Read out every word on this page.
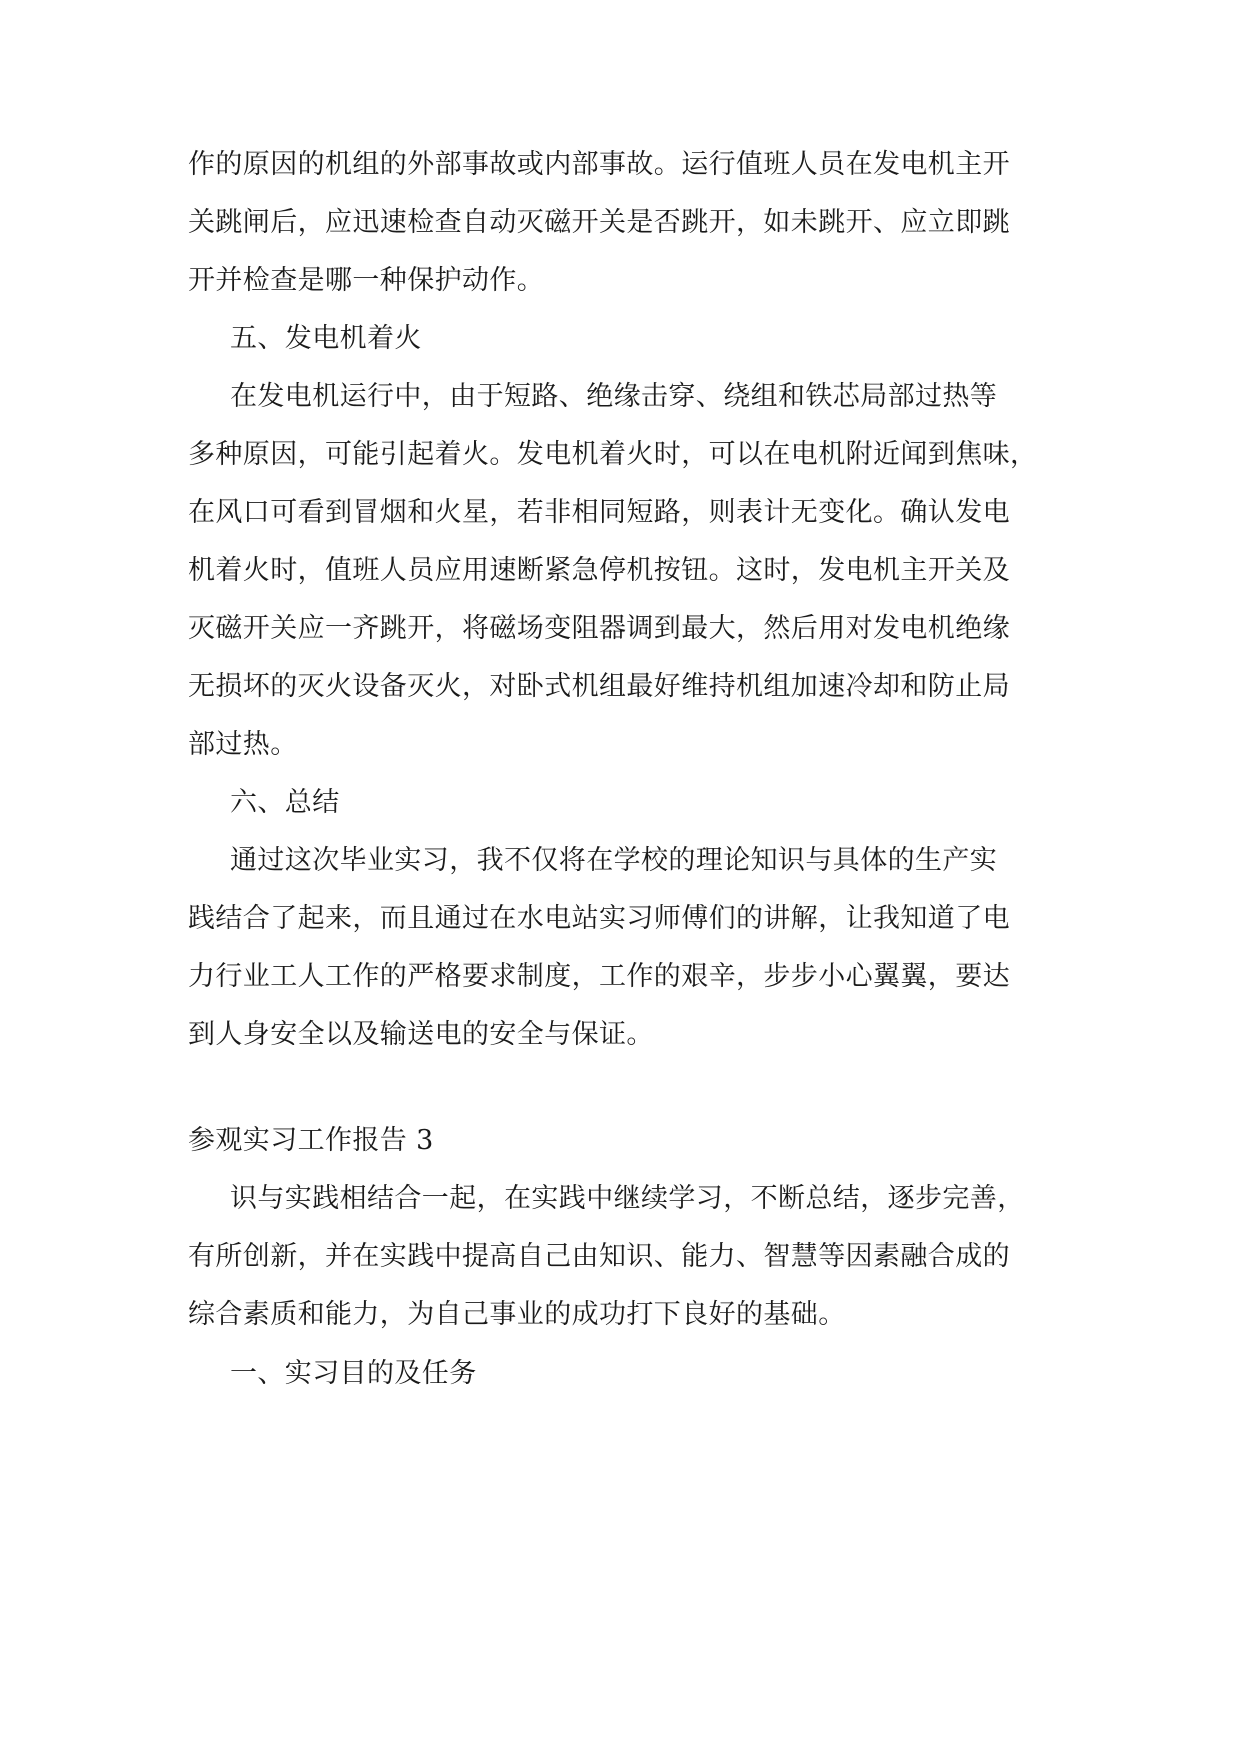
作的原因的机组的外部事故或内部事故。运行值班人员在发电机主开
关跳闸后，应迅速检查自动灭磁开关是否跳开，如未跳开、应立即跳
开并检查是哪一种保护动作。
五、发电机着火
在发电机运行中，由于短路、绝缘击穿、绕组和铁芯局部过热等
多种原因，可能引起着火。发电机着火时，可以在电机附近闻到焦味，
在风口可看到冒烟和火星，若非相同短路，则表计无变化。确认发电
机着火时，值班人员应用速断紧急停机按钮。这时，发电机主开关及
灭磁开关应一齐跳开，将磁场变阻器调到最大，然后用对发电机绝缘
无损坏的灭火设备灭火，对卧式机组最好维持机组加速冷却和防止局
部过热。
六、总结
通过这次毕业实习，我不仅将在学校的理论知识与具体的生产实
践结合了起来，而且通过在水电站实习师傅们的讲解，让我知道了电
力行业工人工作的严格要求制度，工作的艰辛，步步小心翼翼，要达
到人身安全以及输送电的安全与保证。
参观实习工作报告 3
识与实践相结合一起，在实践中继续学习，不断总结，逐步完善，
有所创新，并在实践中提高自己由知识、能力、智慧等因素融合成的
综合素质和能力，为自己事业的成功打下良好的基础。
一、实习目的及任务
